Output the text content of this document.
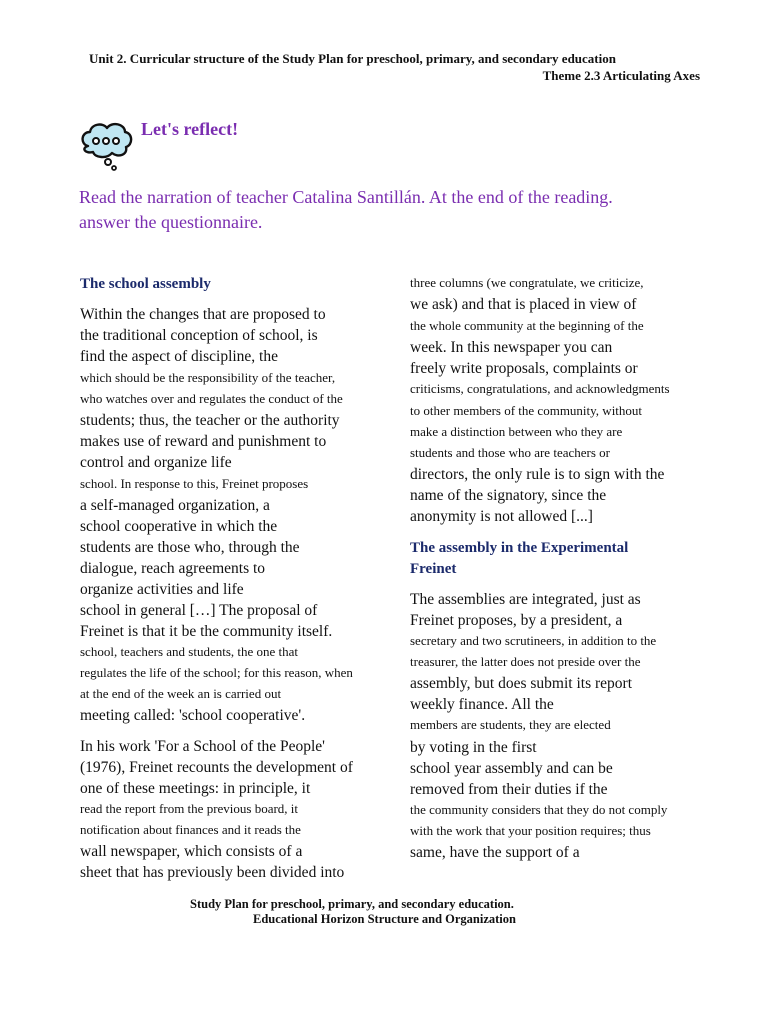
Unit 2. Curricular structure of the Study Plan for preschool, primary, and secondary education
Theme 2.3 Articulating Axes
Let's reflect!
Read the narration of teacher Catalina Santillán. At the end of the reading.
answer the questionnaire.
The school assembly
Within the changes that are proposed to
the traditional conception of school, is
find the aspect of discipline, the
which should be the responsibility of the teacher,
who watches over and regulates the conduct of the
students; thus, the teacher or the authority
makes use of reward and punishment to
control and organize life
school. In response to this, Freinet proposes
a self-managed organization, a
school cooperative in which the
students are those who, through the
dialogue, reach agreements to
organize activities and life
school in general […] The proposal of
Freinet is that it be the community itself.
school, teachers and students, the one that
regulates the life of the school; for this reason, when
at the end of the week an is carried out
meeting called: 'school cooperative'.
In his work 'For a School of the People'
(1976), Freinet recounts the development of
one of these meetings: in principle, it
read the report from the previous board, it
notification about finances and it reads the
wall newspaper, which consists of a
sheet that has previously been divided into
three columns (we congratulate, we criticize,
we ask) and that is placed in view of
the whole community at the beginning of the
week. In this newspaper you can
freely write proposals, complaints or
criticisms, congratulations, and acknowledgments
to other members of the community, without
make a distinction between who they are
students and those who are teachers or
directors, the only rule is to sign with the
name of the signatory, since the
anonymity is not allowed [...]
The assembly in the Experimental
Freinet
The assemblies are integrated, just as
Freinet proposes, by a president, a
secretary and two scrutineers, in addition to the
treasurer, the latter does not preside over the
assembly, but does submit its report
weekly finance. All the
members are students, they are elected
by voting in the first
school year assembly and can be
removed from their duties if the
the community considers that they do not comply
with the work that your position requires; thus
same, have the support of a
Study Plan for preschool, primary, and secondary education.
Educational Horizon Structure and Organization
